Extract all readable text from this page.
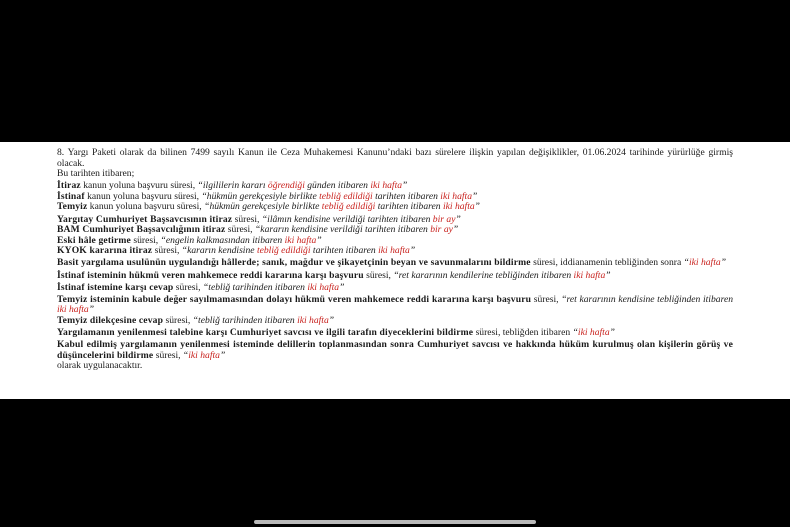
8. Yargı Paketi olarak da bilinen 7499 sayılı Kanun ile Ceza Muhakemesi Kanunu’ndaki bazı sürelere ilişkin yapılan değişiklikler, 01.06.2024 tarihinde yürürlüğe girmiş olacak.

Bu tarihten itibaren;

İtiraz kanun yoluna başvuru süresi, “ilgililerin kararı öğrendiği günden itibaren iki hafta”

İstinaf kanun yoluna başvuru süresi, “hükmün gerekçesiyle birlikte tebliğ edildiği tarihten itibaren iki hafta”

Temyiz kanun yoluna başvuru süresi, “hükmün gerekçesiyle birlikte tebliğ edildiği tarihten itibaren iki hafta”

Yargıtay Cumhuriyet Başsavcısının itiraz süresi, “ilâmın kendisine verildiği tarihten itibaren bir ay”

BAM Cumhuriyet Başsavcılığının itiraz süresi, “kararın kendisine verildiği tarihten itibaren bir ay”

Eski hâle getirme süresi, “engelin kalkmasından itibaren iki hafta”

KYOK kararına itiraz süresi, “kararın kendisine tebliğ edildiği tarihten itibaren iki hafta”

Basit yargılama usulünün uygulandığı hâllerde; sanık, mağdur ve şikayetçinin beyan ve savunmalarını bildirme süresi, iddianamenin tebliğinden sonra “iki hafta”

İstinaf isteminin hükmü veren mahkemece reddi kararına karşı başvuru süresi, “ret kararının kendilerine tebliğinden itibaren iki hafta”

İstinaf istemine karşı cevap süresi, “tebliğ tarihinden itibaren iki hafta”

Temyiz isteminin kabule değer sayılmamasından dolayı hükmü veren mahkemece reddi kararına karşı başvuru süresi, “ret kararının kendisine tebliğinden itibaren iki hafta”

Temyiz dilekçesine cevap süresi, “tebliğ tarihinden itibaren iki hafta”

Yargılamanın yenilenmesi talebine karşı Cumhuriyet savcısı ve ilgili tarafın diyeceklerini bildirme süresi, tebliğden itibaren “iki hafta”

Kabul edilmiş yargılamanın yenilenmesi isteminde delillerin toplanmasından sonra Cumhuriyet savcısı ve hakkında hüküm kurulmuş olan kişilerin görüş ve düşüncelerini bildirme süresi, “iki hafta”

olarak uygulanacaktır.
